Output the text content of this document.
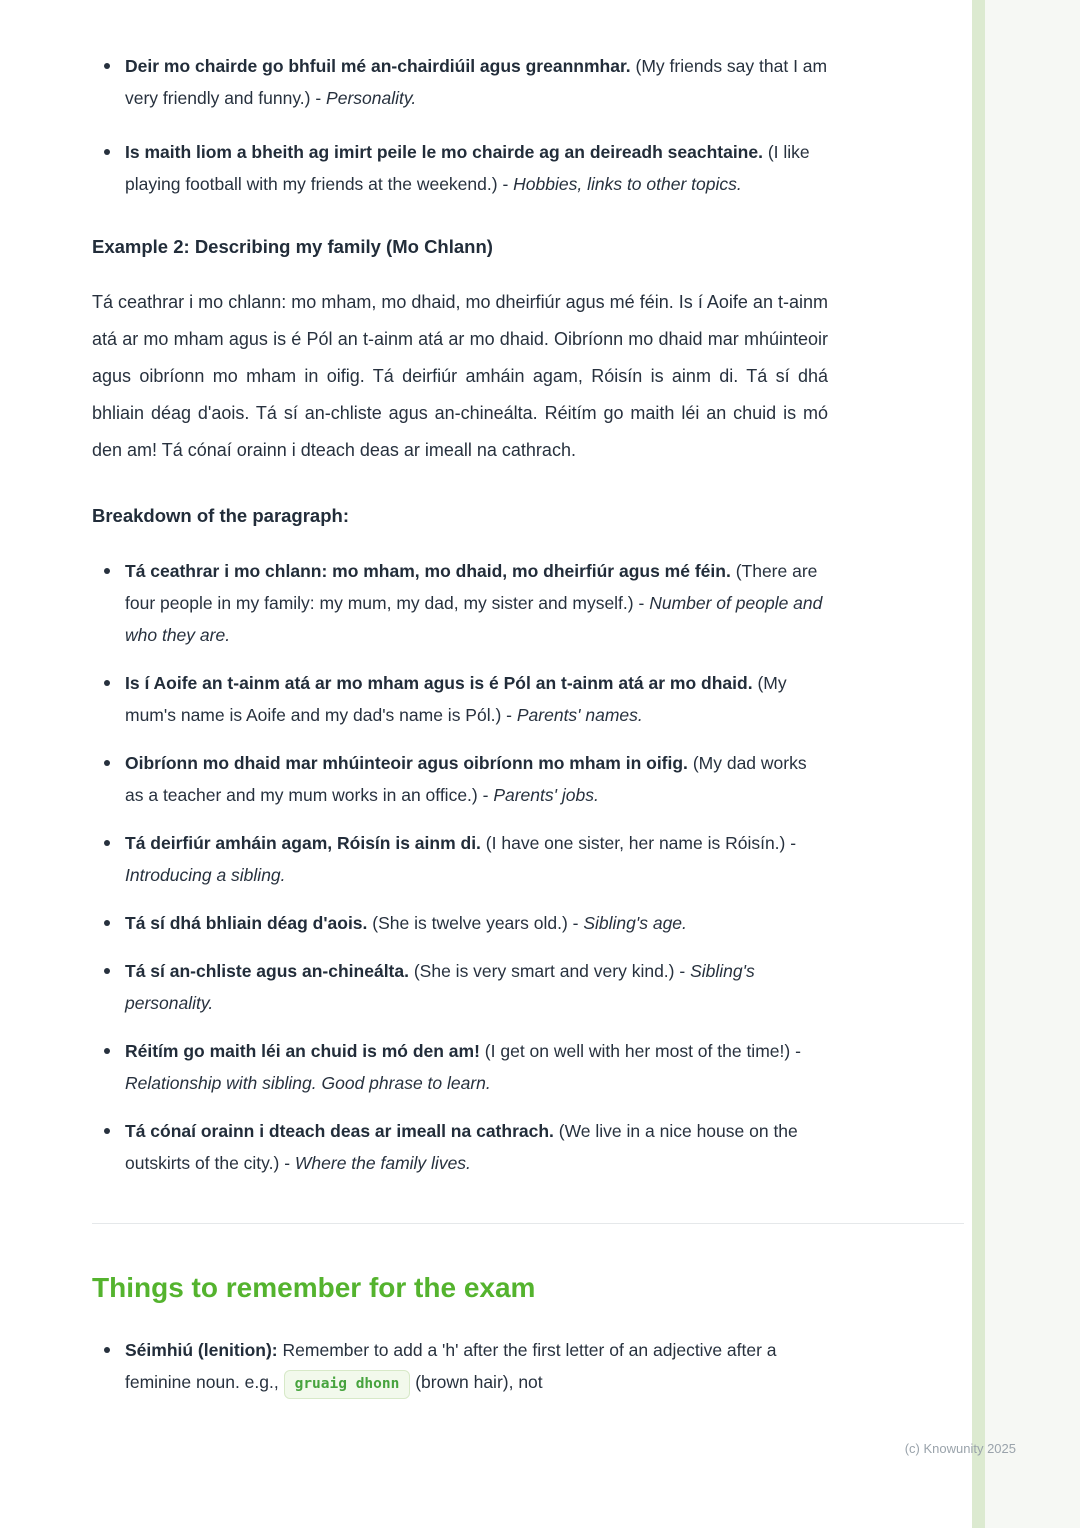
Deir mo chairde go bhfuil mé an-chairdiúil agus greannmhar. (My friends say that I am very friendly and funny.) - Personality.
Is maith liom a bheith ag imirt peile le mo chairde ag an deireadh seachtaine. (I like playing football with my friends at the weekend.) - Hobbies, links to other topics.
Example 2: Describing my family (Mo Chlann)

Tá ceathrar i mo chlann: mo mham, mo dhaid, mo dheirfiúr agus mé féin. Is í Aoife an t-ainm atá ar mo mham agus is é Pól an t-ainm atá ar mo dhaid. Oibríonn mo dhaid mar mhúinteoir agus oibríonn mo mham in oifig. Tá deirfiúr amháin agam, Róisín is ainm di. Tá sí dhá bhliain déag d'aois. Tá sí an-chliste agus an-chineálta. Réitím go maith léi an chuid is mó den am! Tá cónaí orainn i dteach deas ar imeall na cathrach.

Breakdown of the paragraph:
Tá ceathrar i mo chlann: mo mham, mo dhaid, mo dheirfiúr agus mé féin. (There are four people in my family: my mum, my dad, my sister and myself.) - Number of people and who they are.
Is í Aoife an t-ainm atá ar mo mham agus is é Pól an t-ainm atá ar mo dhaid. (My mum's name is Aoife and my dad's name is Pól.) - Parents' names.
Oibríonn mo dhaid mar mhúinteoir agus oibríonn mo mham in oifig. (My dad works as a teacher and my mum works in an office.) - Parents' jobs.
Tá deirfiúr amháin agam, Róisín is ainm di. (I have one sister, her name is Róisín.) - Introducing a sibling.
Tá sí dhá bhliain déag d'aois. (She is twelve years old.) - Sibling's age.
Tá sí an-chliste agus an-chineálta. (She is very smart and very kind.) - Sibling's personality.
Réitím go maith léi an chuid is mó den am! (I get on well with her most of the time!) - Relationship with sibling. Good phrase to learn.
Tá cónaí orainn i dteach deas ar imeall na cathrach. (We live in a nice house on the outskirts of the city.) - Where the family lives.
Things to remember for the exam
Séimhiú (lenition): Remember to add a 'h' after the first letter of an adjective after a feminine noun. e.g., gruaig dhonn (brown hair), not
(c) Knowunity 2025
